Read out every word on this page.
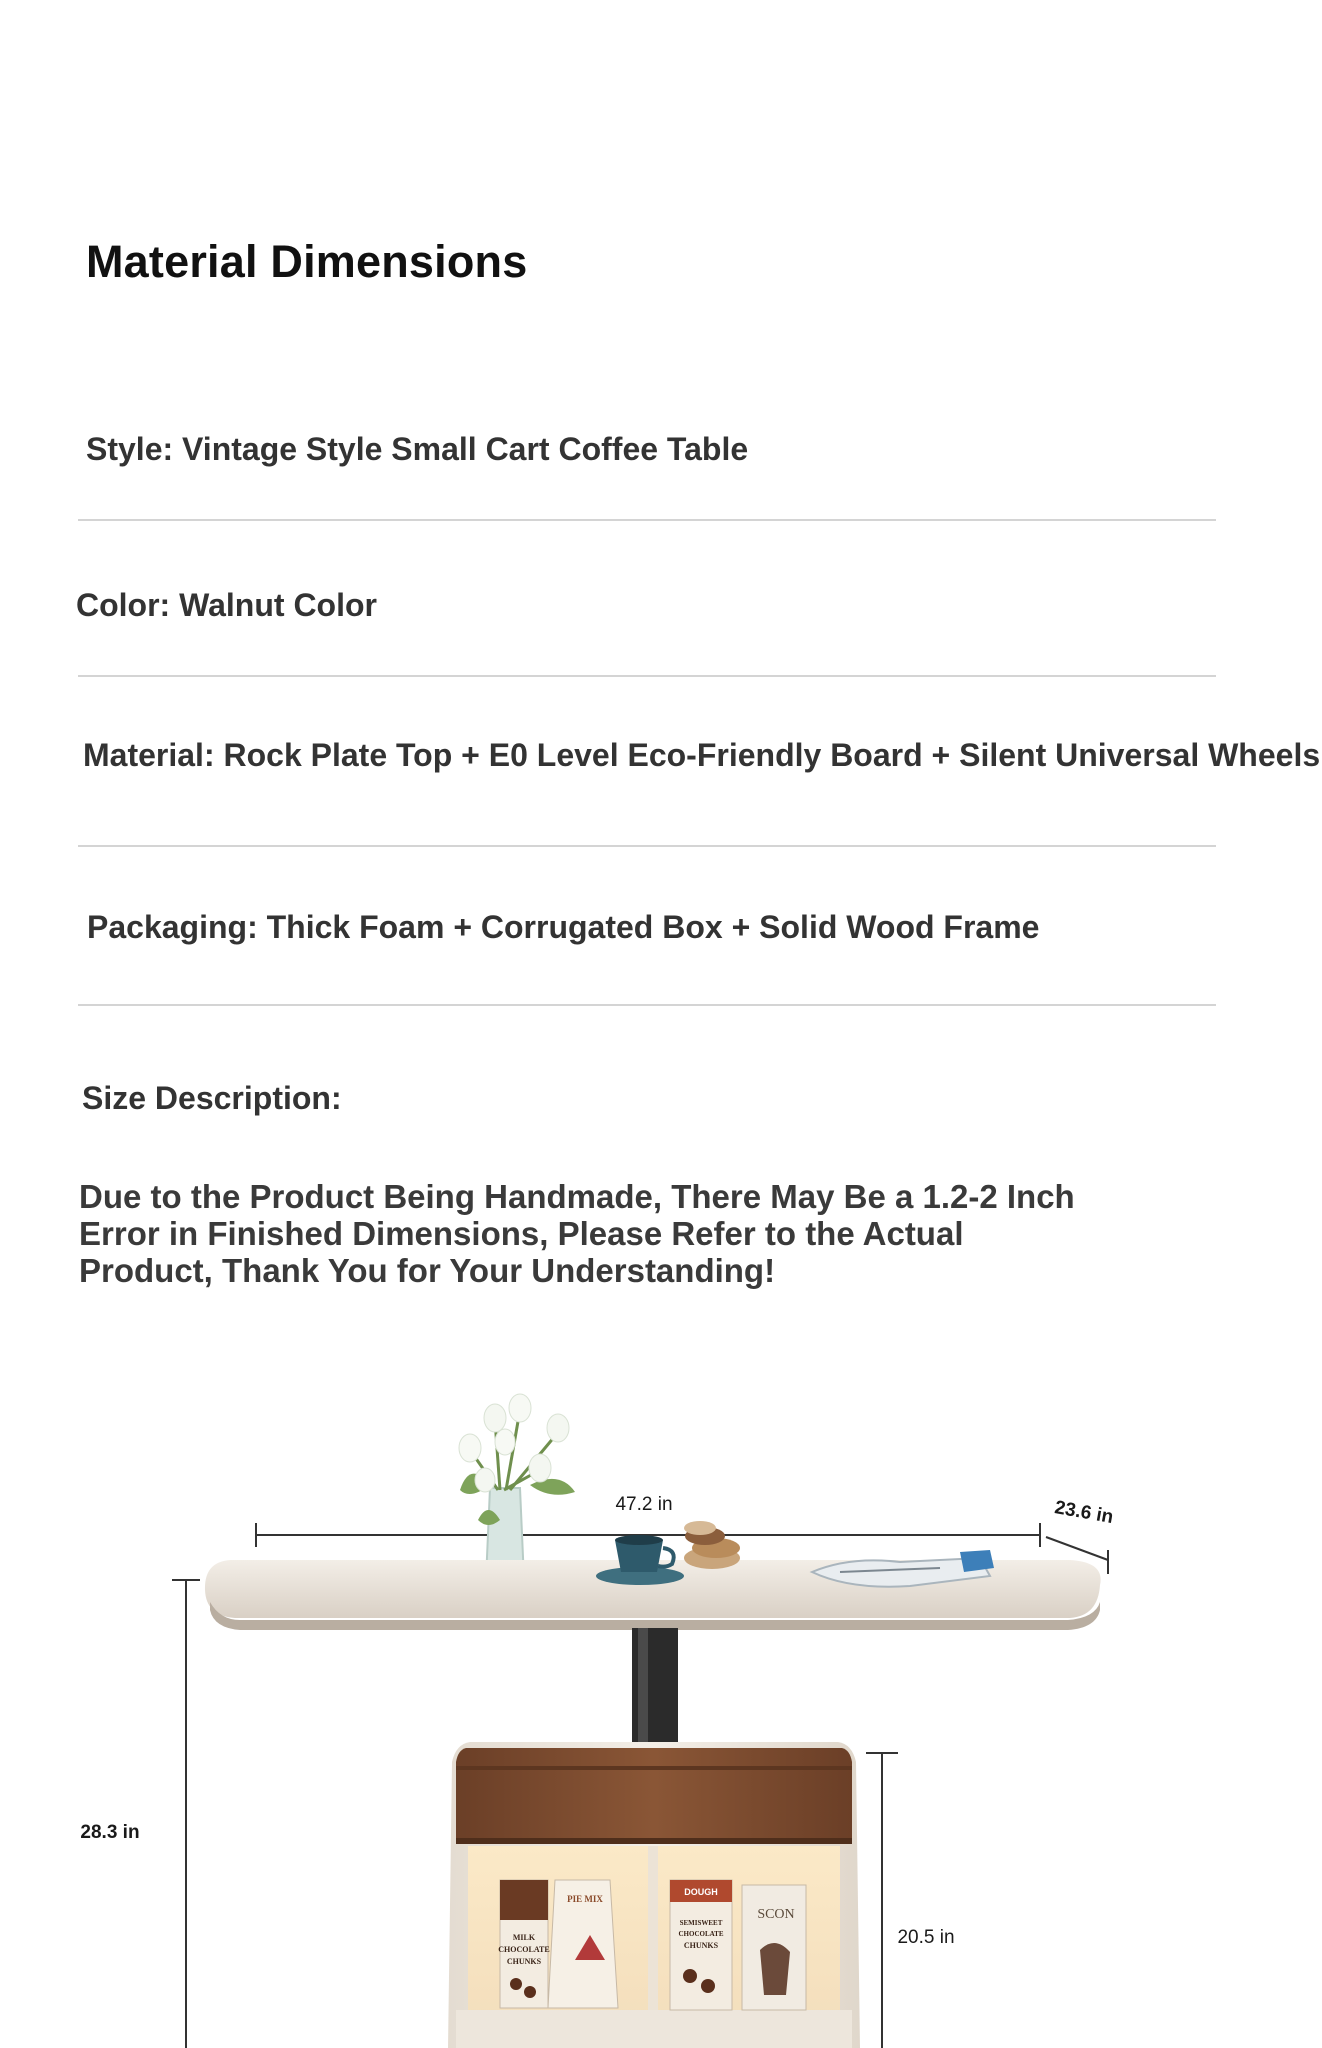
Material Dimensions
Style: Vintage Style Small Cart Coffee Table
Color: Walnut Color
Material: Rock Plate Top + E0 Level Eco-Friendly Board + Silent Universal Wheels
Packaging: Thick Foam + Corrugated Box + Solid Wood Frame
Size Description:
Due to the Product Being Handmade, There May Be a 1.2-2 Inch Error in Finished Dimensions, Please Refer to the Actual Product, Thank You for Your Understanding!
47.2 in	23.6 in
28.3 in
20.5 in
MILK
CHOCOLATE
CHUNKS
PIE MIX
DOUGH
SEMISWEET
CHOCOLATE
CHUNKS
SCON
